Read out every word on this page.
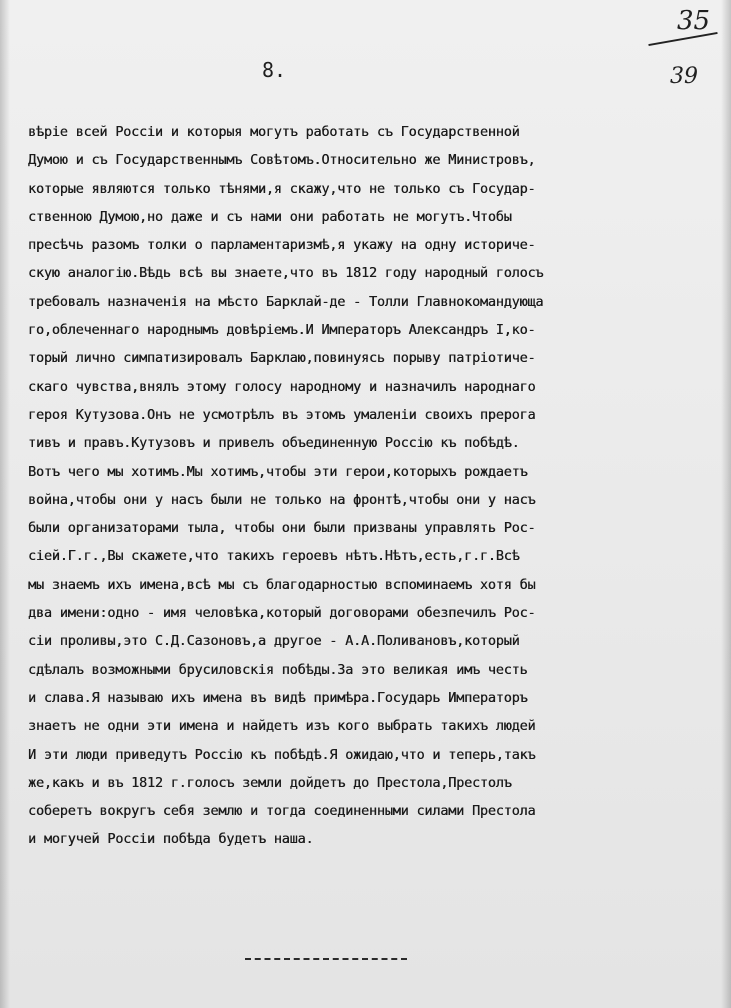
35
39
8.
вѣріе всей Россіи и которыя могутъ работать съ Государственной
Думою и съ Государственнымъ Совѣтомъ.Относительно же Министровъ,
которые являются только тѣнями,я скажу,что не только съ Государ-
ственною Думою,но даже и съ нами они работать не могутъ.Чтобы
пресѣчь разомъ толки о парламентаризмѣ,я укажу на одну историче-
скую аналогію.Вѣдь всѣ вы знаете,что въ 1812 году народный голосъ
требовалъ назначенія на мѣсто Барклай-де - Толли Главнокомандующа
го,облеченнаго народнымъ довѣріемъ.И Императоръ Александръ I,ко-
торый лично симпатизировалъ Барклаю,повинуясь порыву патріотиче-
скаго чувства,внялъ этому голосу народному и назначилъ народнаго
героя Кутузова.Онъ не усмотрѣлъ въ этомъ умаленіи своихъ прерога
тивъ и правъ.Кутузовъ и привелъ объединенную Россію къ побѣдѣ.
Вотъ чего мы хотимъ.Мы хотимъ,чтобы эти герои,которыхъ рождаетъ
война,чтобы они у насъ были не только на фронтѣ,чтобы они у насъ
были организаторами тыла, чтобы они были призваны управлять Рос-
сіей.Г.г.,Вы скажете,что такихъ героевъ нѣтъ.Нѣтъ,есть,г.г.Всѣ
мы знаемъ ихъ имена,всѣ мы съ благодарностью вспоминаемъ хотя бы
два имени:одно - имя человѣка,который договорами обезпечилъ Рос-
сіи проливы,это С.Д.Сазоновъ,а другое - А.А.Поливановъ,который
сдѣлалъ возможными брусиловскія побѣды.За это великая имъ честь
и слава.Я называю ихъ имена въ видѣ примѣра.Государь Императоръ
знаетъ не одни эти имена и найдетъ изъ кого выбрать такихъ людей
И эти люди приведутъ Россію къ побѣдѣ.Я ожидаю,что и теперь,такъ
же,какъ и въ 1812 г.голосъ земли дойдетъ до Престола,Престолъ
соберетъ вокругъ себя землю и тогда соединенными силами Престола
и могучей Россіи побѣда будетъ наша.
